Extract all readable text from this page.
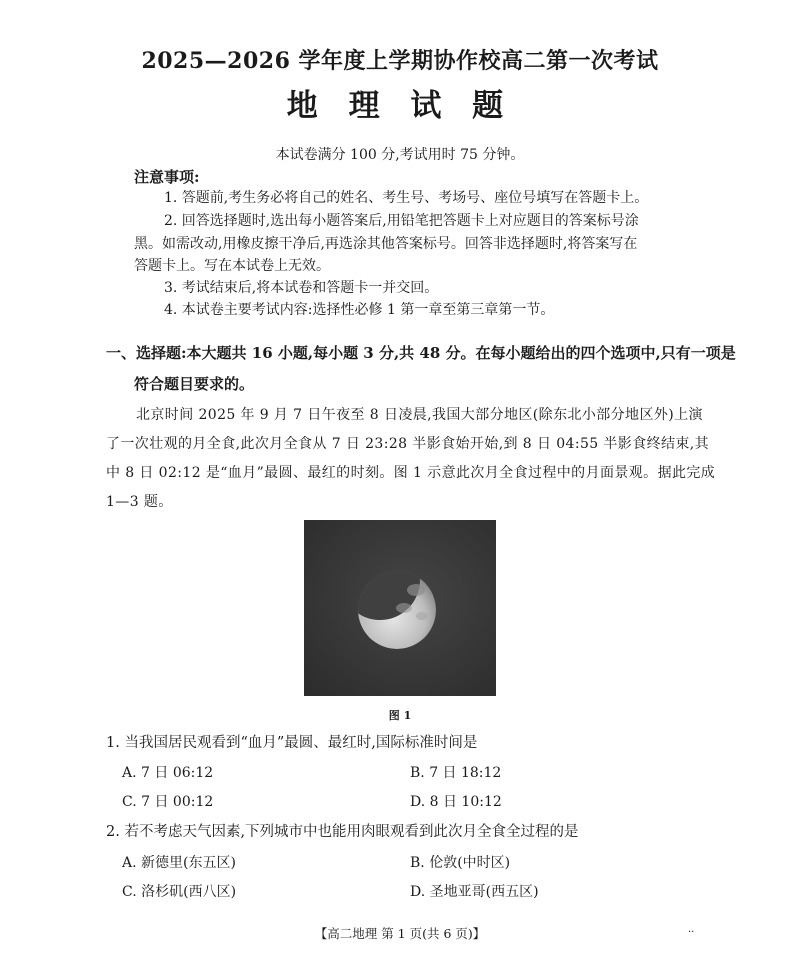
2025—2026 学年度上学期协作校高二第一次考试
地 理 试 题
本试卷满分 100 分,考试用时 75 分钟。
注意事项:
1. 答题前,考生务必将自己的姓名、考生号、考场号、座位号填写在答题卡上。
2. 回答选择题时,选出每小题答案后,用铅笔把答题卡上对应题目的答案标号涂
黑。如需改动,用橡皮擦干净后,再选涂其他答案标号。回答非选择题时,将答案写在
答题卡上。写在本试卷上无效。
3. 考试结束后,将本试卷和答题卡一并交回。
4. 本试卷主要考试内容:选择性必修 1 第一章至第三章第一节。
一、选择题:本大题共 16 小题,每小题 3 分,共 48 分。在每小题给出的四个选项中,只有一项是
符合题目要求的。
北京时间 2025 年 9 月 7 日午夜至 8 日凌晨,我国大部分地区(除东北小部分地区外)上演
了一次壮观的月全食,此次月全食从 7 日 23:28 半影食始开始,到 8 日 04:55 半影食终结束,其
中 8 日 02:12 是“血月”最圆、最红的时刻。图 1 示意此次月全食过程中的月面景观。据此完成
1—3 题。
图 1
1. 当我国居民观看到“血月”最圆、最红时,国际标准时间是
A. 7 日 06:12	B. 7 日 18:12
C. 7 日 00:12	D. 8 日 10:12
2. 若不考虑天气因素,下列城市中也能用肉眼观看到此次月全食全过程的是
A. 新德里(东五区)	B. 伦敦(中时区)
C. 洛杉矶(西八区)	D. 圣地亚哥(西五区)
【高二地理 第 1 页(共 6 页)】	··
